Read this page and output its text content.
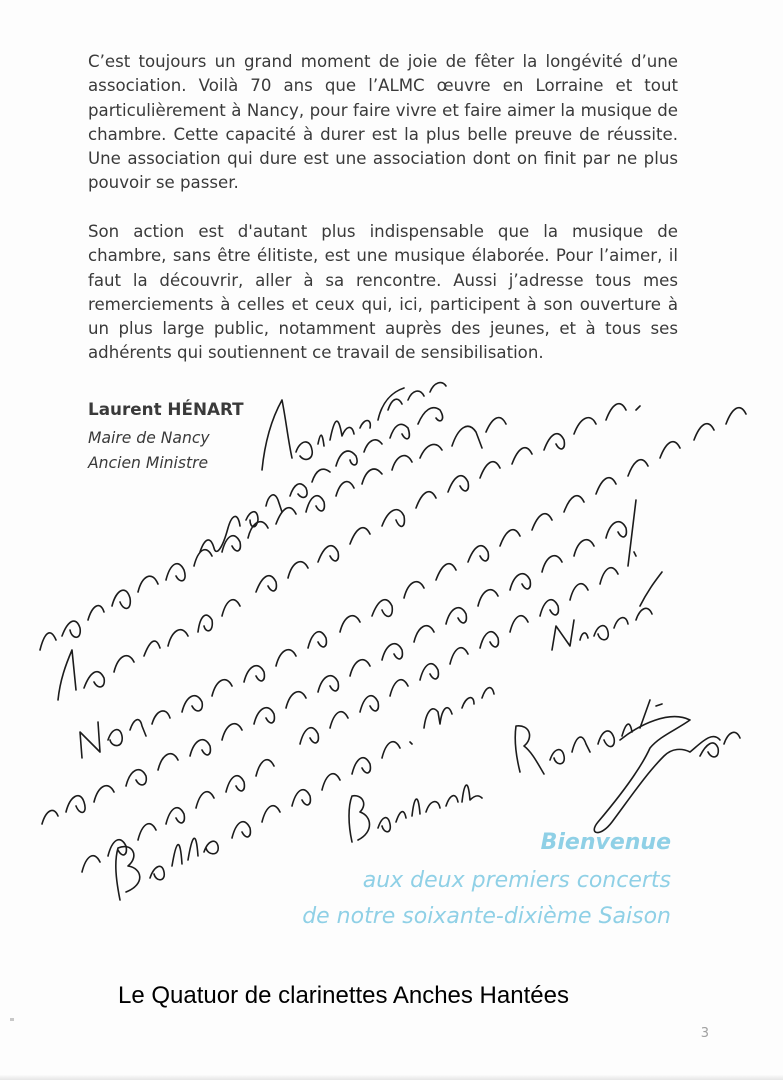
C’est toujours un grand moment de joie de fêter la longévité d’une association. Voilà 70 ans que l’ALMC œuvre en Lorraine et tout particulièrement à Nancy, pour faire vivre et faire aimer la musique de chambre. Cette capacité à durer est la plus belle preuve de réussite. Une association qui dure est une association dont on finit par ne plus pouvoir se passer.

Son action est d'autant plus indispensable que la musique de chambre, sans être élitiste, est une musique élaborée. Pour l’aimer, il faut la découvrir, aller à sa rencontre. Aussi j’adresse tous mes remerciements à celles et ceux qui, ici, participent à son ouverture à un plus large public, notamment auprès des jeunes, et à tous ses adhérents qui soutiennent ce travail de sensibilisation.

Laurent HÉNART
Maire de Nancy
Ancien Ministre
Bienvenue
aux deux premiers concerts
de notre soixante-dixième Saison
Le Quatuor de clarinettes Anches Hantées
3
